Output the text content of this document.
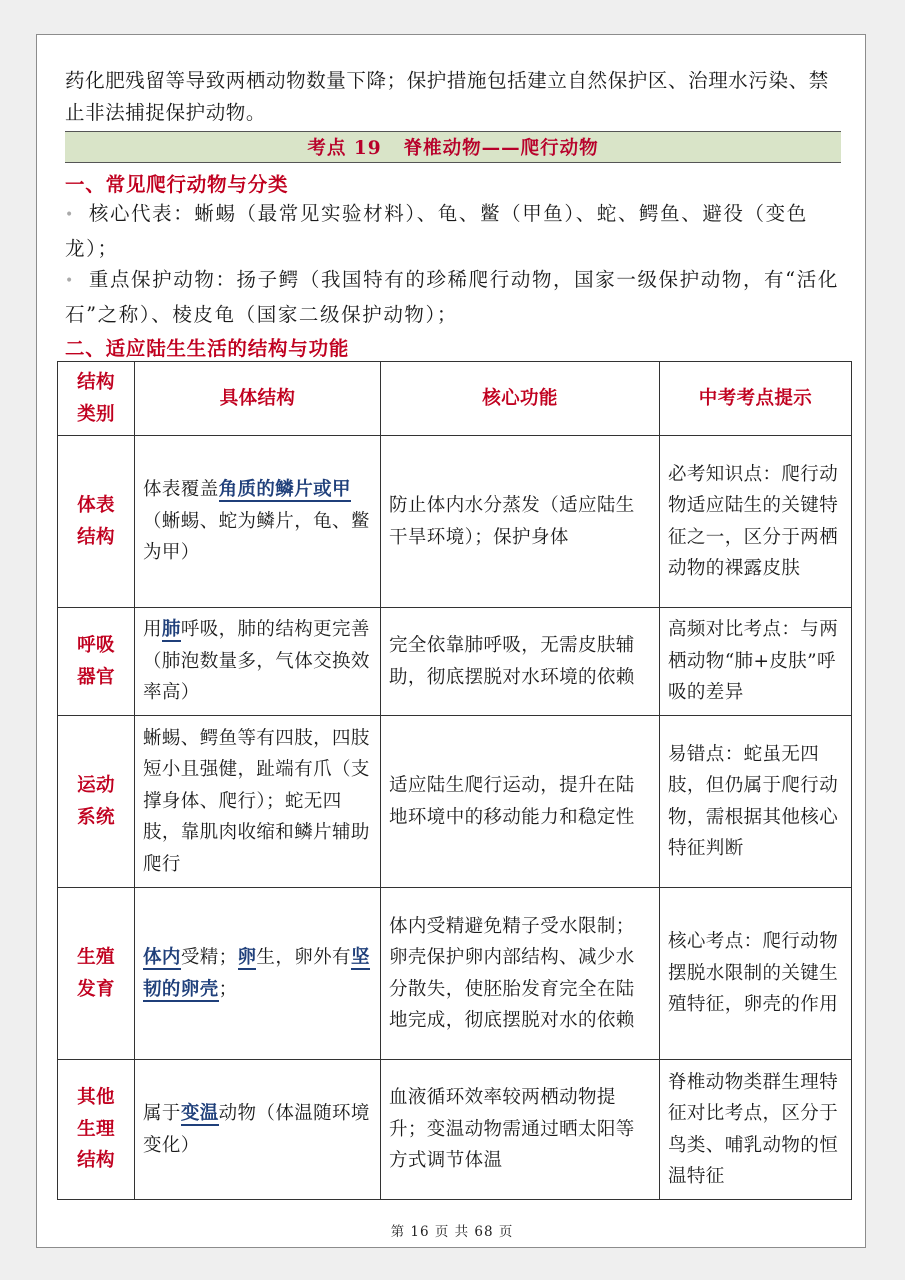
药化肥残留等导致两栖动物数量下降；保护措施包括建立自然保护区、治理水污染、禁止非法捕捉保护动物。

考点 19 脊椎动物——爬行动物
一、常见爬行动物与分类

• 核心代表：蜥蜴（最常见实验材料）、龟、鳖（甲鱼）、蛇、鳄鱼、避役（变色龙）；

• 重点保护动物：扬子鳄（我国特有的珍稀爬行动物，国家一级保护动物，有“活化石”之称）、棱皮龟（国家二级保护动物）；

二、适应陆生生活的结构与功能
结构类别	具体结构	核心功能	中考考点提示
体表结构	体表覆盖角质的鳞片或甲（蜥蜴、蛇为鳞片，龟、鳖为甲）	防止体内水分蒸发（适应陆生干旱环境）；保护身体	必考知识点：爬行动物适应陆生的关键特征之一，区分于两栖动物的裸露皮肤
呼吸器官	用肺呼吸，肺的结构更完善（肺泡数量多，气体交换效率高）	完全依靠肺呼吸，无需皮肤辅助，彻底摆脱对水环境的依赖	高频对比考点：与两栖动物“肺+皮肤”呼吸的差异
运动系统	蜥蜴、鳄鱼等有四肢，四肢短小且强健，趾端有爪（支撑身体、爬行）；蛇无四肢，靠肌肉收缩和鳞片辅助爬行	适应陆生爬行运动，提升在陆地环境中的移动能力和稳定性	易错点：蛇虽无四肢，但仍属于爬行动物，需根据其他核心特征判断
生殖发育	体内受精；卵生，卵外有坚韧的卵壳；	体内受精避免精子受水限制；卵壳保护卵内部结构、减少水分散失，使胚胎发育完全在陆地完成，彻底摆脱对水的依赖	核心考点：爬行动物摆脱水限制的关键生殖特征，卵壳的作用
其他生理结构	属于变温动物（体温随环境变化）	血液循环效率较两栖动物提升；变温动物需通过晒太阳等方式调节体温	脊椎动物类群生理特征对比考点，区分于鸟类、哺乳动物的恒温特征
第 16 页 共 68 页
